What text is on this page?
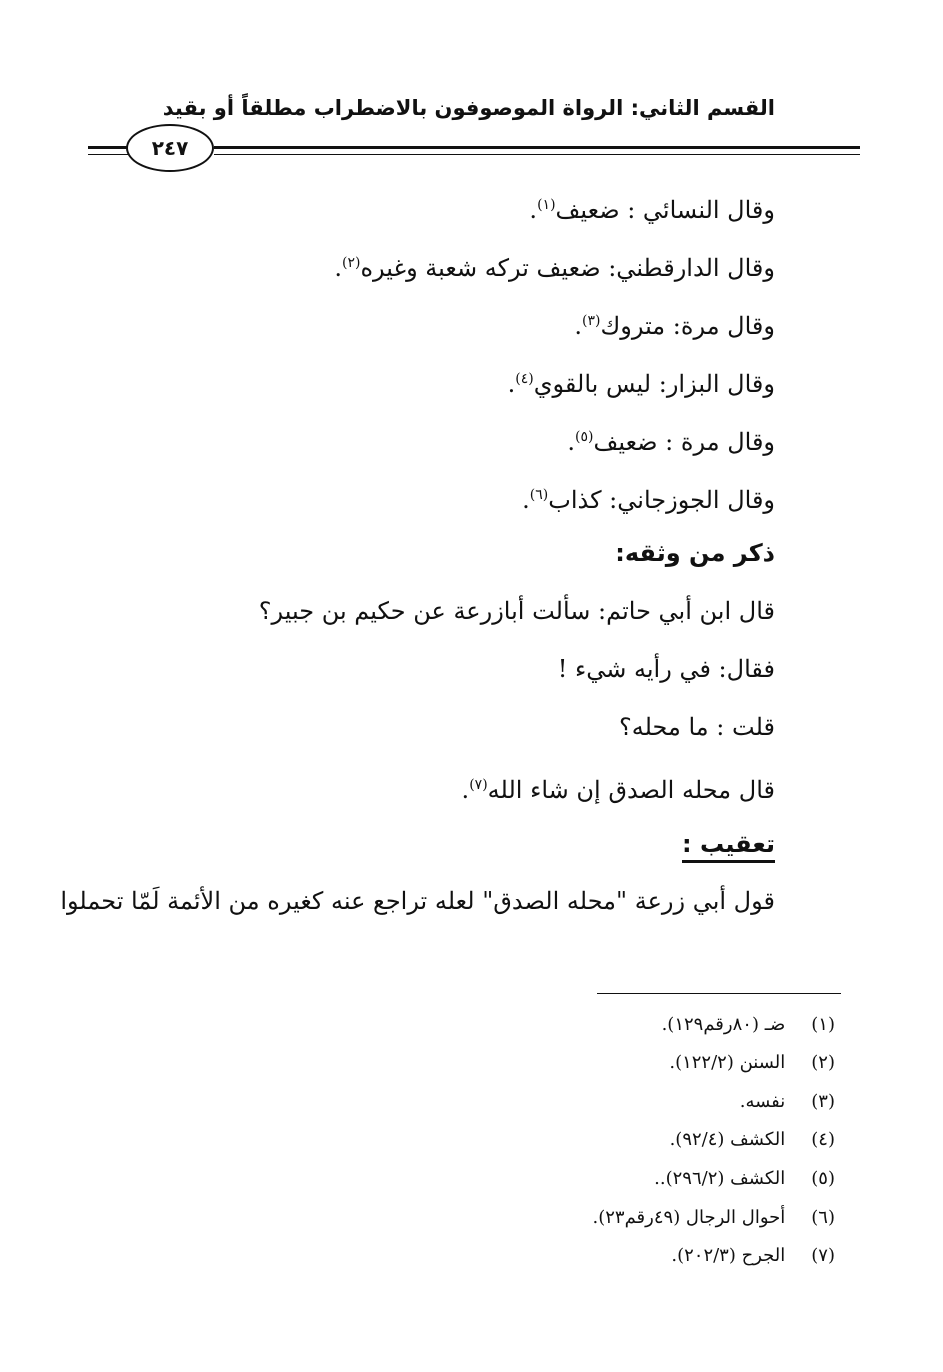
القسم الثاني: الرواة الموصوفون بالاضطراب مطلقاً أو بقيد
٢٤٧
وقال النسائي : ضعيف$^{(١)}$.
وقال الدارقطني: ضعيف تركه شعبة وغيره$^{(٢)}$.
وقال مرة: متروك$^{(٣)}$.
وقال البزار: ليس بالقوي$^{(٤)}$.
وقال مرة : ضعيف$^{(٥)}$.
وقال الجوزجاني: كذاب$^{(٦)}$.
ذكر من وثقه:
قال ابن أبي حاتم: سألت أبازرعة عن حكيم بن جبير؟
فقال: في رأيه شيء !
قلت : ما محله؟
قال محله الصدق إن شاء الله$^{(٧)}$.
تعقيب :
قول أبي زرعة "محله الصدق" لعله تراجع عنه كغيره من الأئمة لَمّا تحملوا
(١) ضـ (٨٠رقم١٢٩).
(٢) السنن (١٢٢/٢).
(٣) نفسه.
(٤) الكشف (٩٢/٤).
(٥) الكشف (٢٩٦/٢)..
(٦) أحوال الرجال (٤٩رقم٢٣).
(٧) الجرح (٢٠٢/٣).
